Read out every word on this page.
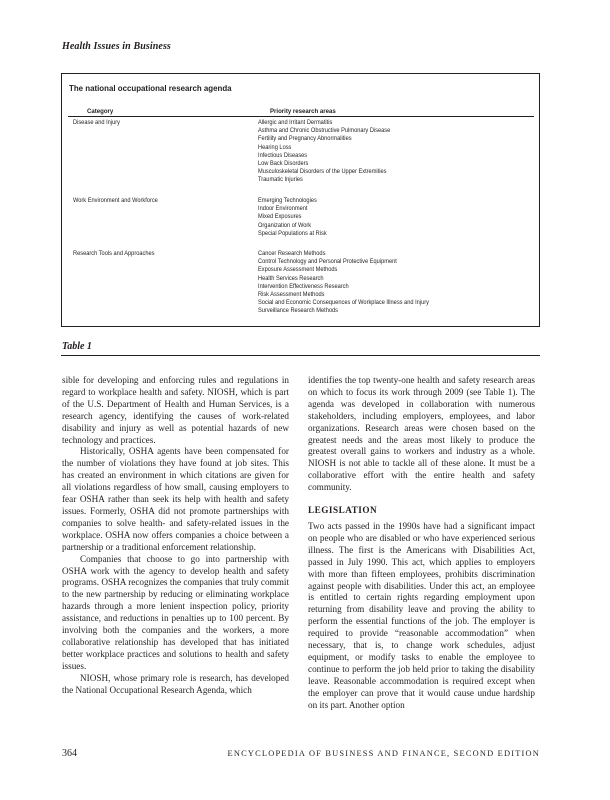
Health Issues in Business
The national occupational research agenda
Category	Priority research areas
Disease and Injury	Allergic and Irritant Dermatitis
Asthma and Chronic Obstructive Pulmonary Disease
Fertility and Pregnancy Abnormalities
Hearing Loss
Infectious Diseases
Low Back Disorders
Musculoskeletal Disorders of the Upper Extremities
Traumatic Injuries
Work Environment and Workforce	Emerging Technologies
Indoor Environment
Mixed Exposures
Organization of Work
Special Populations at Risk
Research Tools and Approaches	Cancer Research Methods
Control Technology and Personal Protective Equipment
Exposure Assessment Methods
Health Services Research
Intervention Effectiveness Research
Risk Assessment Methods
Social and Economic Consequences of Workplace Illness and Injury
Surveillance Research Methods
Table 1

sible for developing and enforcing rules and regulations in regard to workplace health and safety. NIOSH, which is part of the U.S. Department of Health and Human Services, is a research agency, identifying the causes of work-related disability and injury as well as potential hazards of new technology and practices.

Historically, OSHA agents have been compensated for the number of violations they have found at job sites. This has created an environment in which citations are given for all violations regardless of how small, causing employers to fear OSHA rather than seek its help with health and safety issues. Formerly, OSHA did not promote partnerships with companies to solve health- and safety-related issues in the workplace. OSHA now offers companies a choice between a partnership or a traditional enforcement relationship.

Companies that choose to go into partnership with OSHA work with the agency to develop health and safety programs. OSHA recognizes the companies that truly commit to the new partnership by reducing or eliminating workplace hazards through a more lenient inspection policy, priority assistance, and reductions in penalties up to 100 percent. By involving both the companies and the workers, a more collaborative relationship has developed that has initiated better workplace practices and solutions to health and safety issues.

NIOSH, whose primary role is research, has developed the National Occupational Research Agenda, which

identifies the top twenty-one health and safety research areas on which to focus its work through 2009 (see Table 1). The agenda was developed in collaboration with numerous stakeholders, including employers, employees, and labor organizations. Research areas were chosen based on the greatest needs and the areas most likely to produce the greatest overall gains to workers and industry as a whole. NIOSH is not able to tackle all of these alone. It must be a collaborative effort with the entire health and safety community.

LEGISLATION

Two acts passed in the 1990s have had a significant impact on people who are disabled or who have experienced serious illness. The first is the Americans with Disabilities Act, passed in July 1990. This act, which applies to employers with more than fifteen employees, prohibits discrimination against people with disabilities. Under this act, an employee is entitled to certain rights regarding employment upon returning from disability leave and proving the ability to perform the essential functions of the job. The employer is required to provide “reasonable accommodation” when necessary, that is, to change work schedules, adjust equipment, or modify tasks to enable the employee to continue to perform the job held prior to taking the disability leave. Reasonable accommodation is required except when the employer can prove that it would cause undue hardship on its part. Another option

364	ENCYCLOPEDIA OF BUSINESS AND FINANCE, SECOND EDITION
